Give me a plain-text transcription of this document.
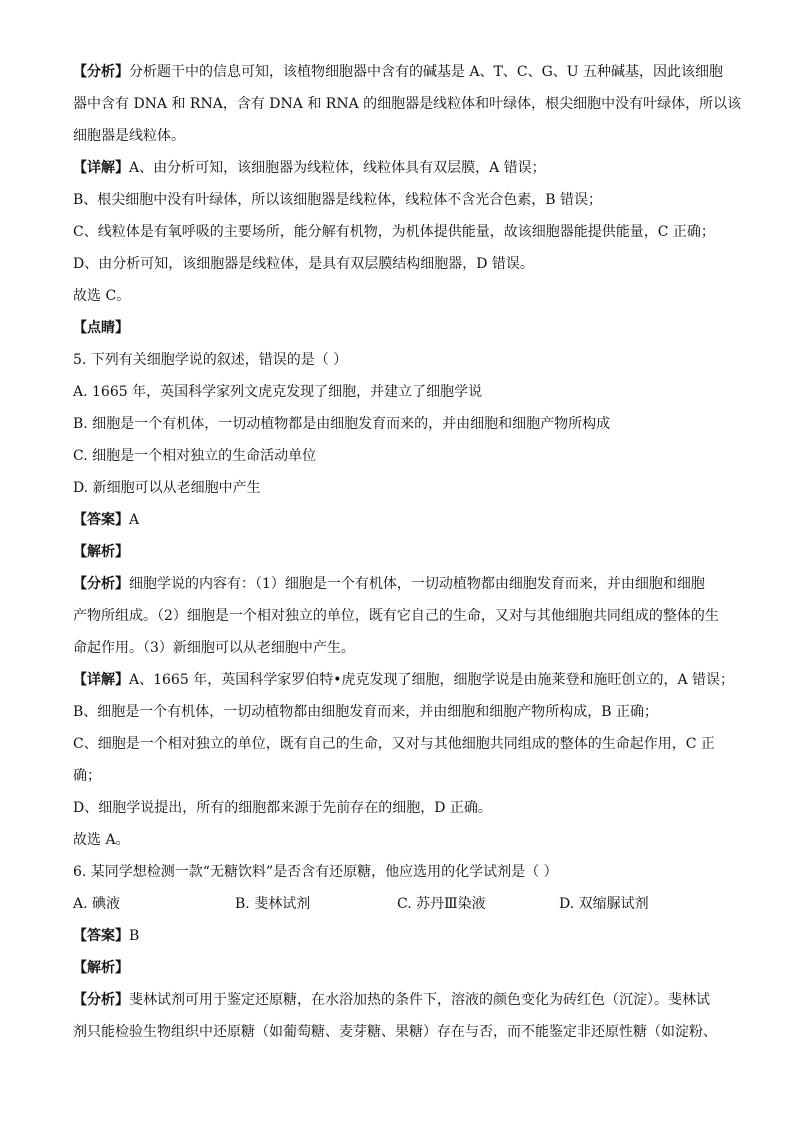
【分析】分析题干中的信息可知，该植物细胞器中含有的碱基是 A、T、C、G、U 五种碱基，因此该细胞
器中含有 DNA 和 RNA，含有 DNA 和 RNA 的细胞器是线粒体和叶绿体，根尖细胞中没有叶绿体，所以该
细胞器是线粒体。
【详解】A、由分析可知，该细胞器为线粒体，线粒体具有双层膜，A 错误；
B、根尖细胞中没有叶绿体，所以该细胞器是线粒体，线粒体不含光合色素，B 错误；
C、线粒体是有氧呼吸的主要场所，能分解有机物，为机体提供能量，故该细胞器能提供能量，C 正确；
D、由分析可知，该细胞器是线粒体，是具有双层膜结构细胞器，D 错误。
故选 C。
【点睛】
5. 下列有关细胞学说的叙述，错误的是（ ）
A. 1665 年，英国科学家列文虎克发现了细胞，并建立了细胞学说
B. 细胞是一个有机体，一切动植物都是由细胞发育而来的，并由细胞和细胞产物所构成
C. 细胞是一个相对独立的生命活动单位
D. 新细胞可以从老细胞中产生
【答案】A
【解析】
【分析】细胞学说的内容有：（1）细胞是一个有机体，一切动植物都由细胞发育而来，并由细胞和细胞
产物所组成。（2）细胞是一个相对独立的单位，既有它自己的生命，又对与其他细胞共同组成的整体的生
命起作用。（3）新细胞可以从老细胞中产生。
【详解】A、1665 年，英国科学家罗伯特•虎克发现了细胞，细胞学说是由施莱登和施旺创立的，A 错误；
B、细胞是一个有机体，一切动植物都由细胞发育而来，并由细胞和细胞产物所构成，B 正确；
C、细胞是一个相对独立的单位，既有自己的生命，又对与其他细胞共同组成的整体的生命起作用，C 正
确；
D、细胞学说提出，所有的细胞都来源于先前存在的细胞，D 正确。
故选 A。
6. 某同学想检测一款“无糖饮料”是否含有还原糖，他应选用的化学试剂是（ ）
A. 碘液	B. 斐林试剂	C. 苏丹Ⅲ染液	D. 双缩脲试剂
【答案】B
【解析】
【分析】斐林试剂可用于鉴定还原糖，在水浴加热的条件下，溶液的颜色变化为砖红色（沉淀）。斐林试
剂只能检验生物组织中还原糖（如葡萄糖、麦芽糖、果糖）存在与否，而不能鉴定非还原性糖（如淀粉、
